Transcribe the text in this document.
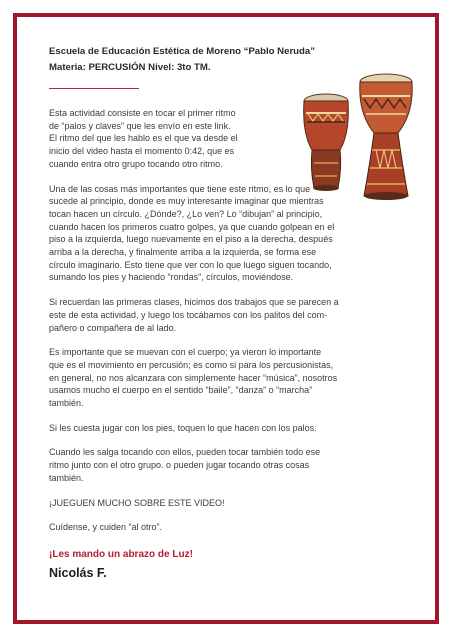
Escuela de Educación Estética de Moreno “Pablo Neruda”
Materia: PERCUSIÓN Nivel: 3to TM.
Esta actividad consiste en tocar el primer ritmo
de “palos y claves” que les envío en este link.
El ritmo del que les hablo es el que va desde el
inicio del video hasta el momento 0:42, que es
cuando entra otro grupo tocando otro ritmo.
Una de las cosas más importantes que tiene este ritmo, es lo que
sucede al principio, donde es muy interesante imaginar que mientras
tocan hacen un círculo. ¿Dónde?, ¿Lo ven? Lo “dibujan” al principio,
cuando hacen los primeros cuatro golpes, ya que cuando golpean en el
piso a la izquierda, luego nuevamente en el piso a la derecha, después
arriba a la derecha, y finalmente arriba a la izquierda, se forma ese
círculo imaginario. Esto tiene que ver con lo que luego siguen tocando,
sumando los pies y haciendo “rondas”, círculos, moviéndose.
Si recuerdan las primeras clases, hicimos dos trabajos que se parecen a
este de esta actividad, y luego los tocábamos con los palitos del com-
pañero o compañera de al lado.
Es importante que se muevan con el cuerpo; ya vieron lo importante
que es el movimiento en percusión; es como si para los percusionistas,
en general, no nos alcanzara con simplemente hacer “música”, nosotros
usamos mucho el cuerpo en el sentido “baile”, “danza” o “marcha”
también.
Si les cuesta jugar con los pies, toquen lo que hacen con los palos.
Cuando les salga tocando con ellos, pueden tocar también todo ese
ritmo junto con el otro grupo. o pueden jugar tocando otras cosas
también.
¡JUEGUEN MUCHO SOBRE ESTE VIDEO!
Cuídense, y cuiden “al otro”.
¡Les mando un abrazo de Luz!
Nicolás F.
